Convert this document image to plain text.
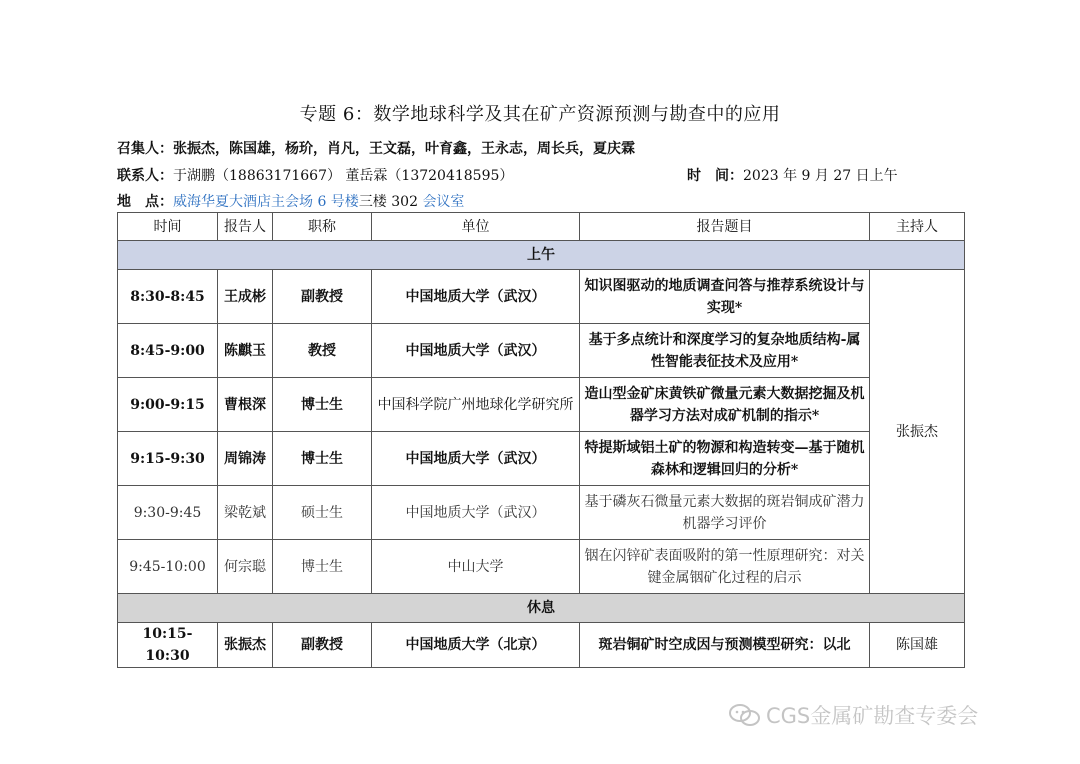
专题 6：数学地球科学及其在矿产资源预测与勘查中的应用
召集人：张振杰，陈国雄，杨玠，肖凡，王文磊，叶育鑫，王永志，周长兵，夏庆霖
联系人：于湖鹏（18863171667） 董岳霖（13720418595）	时　间：2023 年 9 月 27 日上午
地　点：威海华夏大酒店主会场 6 号楼三楼 302 会议室
时间	报告人	职称	单位	报告题目	主持人
上午					
8:30-8:45	王成彬	副教授	中国地质大学（武汉）	知识图驱动的地质调查问答与推荐系统设计与实现*	张振杰
8:45-9:00	陈麒玉	教授	中国地质大学（武汉）	基于多点统计和深度学习的复杂地质结构-属性智能表征技术及应用*	
9:00-9:15	曹根深	博士生	中国科学院广州地球化学研究所	造山型金矿床黄铁矿微量元素大数据挖掘及机器学习方法对成矿机制的指示*	
9:15-9:30	周锦涛	博士生	中国地质大学（武汉）	特提斯域铝土矿的物源和构造转变—基于随机森林和逻辑回归的分析*	
9:30-9:45	梁乾斌	硕士生	中国地质大学（武汉）	基于磷灰石微量元素大数据的斑岩铜成矿潜力机器学习评价	
9:45-10:00	何宗聪	博士生	中山大学	铟在闪锌矿表面吸附的第一性原理研究：对关键金属铟矿化过程的启示	
休息					
10:15-10:30	张振杰	副教授	中国地质大学（北京）	斑岩铜矿时空成因与预测模型研究：以北	陈国雄
CGS金属矿勘查专委会
